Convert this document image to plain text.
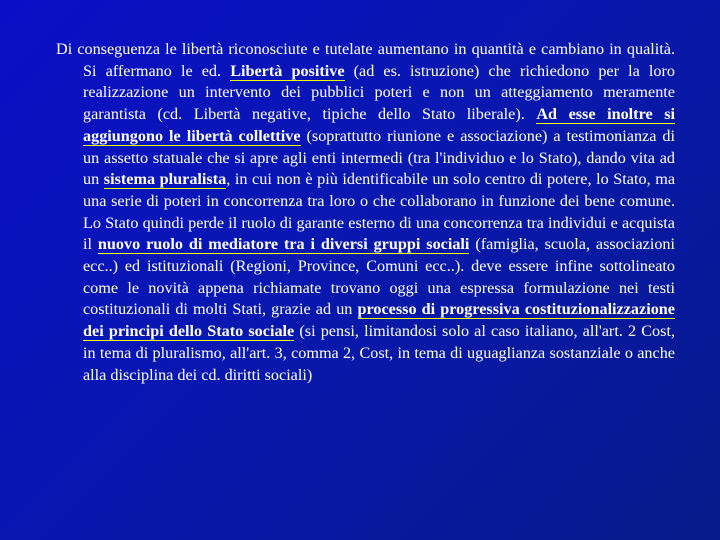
Di conseguenza le libertà riconosciute e tutelate aumentano in quantità e cambiano in qualità. Si affermano le ed. Libertà positive (ad es. istruzione) che richiedono per la loro realizzazione un intervento dei pubblici poteri e non un atteggiamento meramente garantista (cd. Libertà negative, tipiche dello Stato liberale). Ad esse inoltre si aggiungono le libertà collettive (soprattutto riunione e associazione) a testimonianza di un assetto statuale che si apre agli enti intermedi (tra l'individuo e lo Stato), dando vita ad un sistema pluralista, in cui non è più identificabile un solo centro di potere, lo Stato, ma una serie di poteri in concorrenza tra loro o che collaborano in funzione dei bene comune. Lo Stato quindi perde il ruolo di garante esterno di una concorrenza tra individui e acquista il nuovo ruolo di mediatore tra i diversi gruppi sociali (famiglia, scuola, associazioni ecc..) ed istituzionali (Regioni, Province, Comuni ecc..). deve essere infine sottolineato come le novità appena richiamate trovano oggi una espressa formulazione nei testi costituzionali di molti Stati, grazie ad un processo di progressiva costituzionalizzazione dei principi dello Stato sociale (si pensi, limitandosi solo al caso italiano, all'art. 2 Cost, in tema di pluralismo, all'art. 3, comma 2, Cost, in tema di uguaglianza sostanziale o anche alla disciplina dei cd. diritti sociali)
